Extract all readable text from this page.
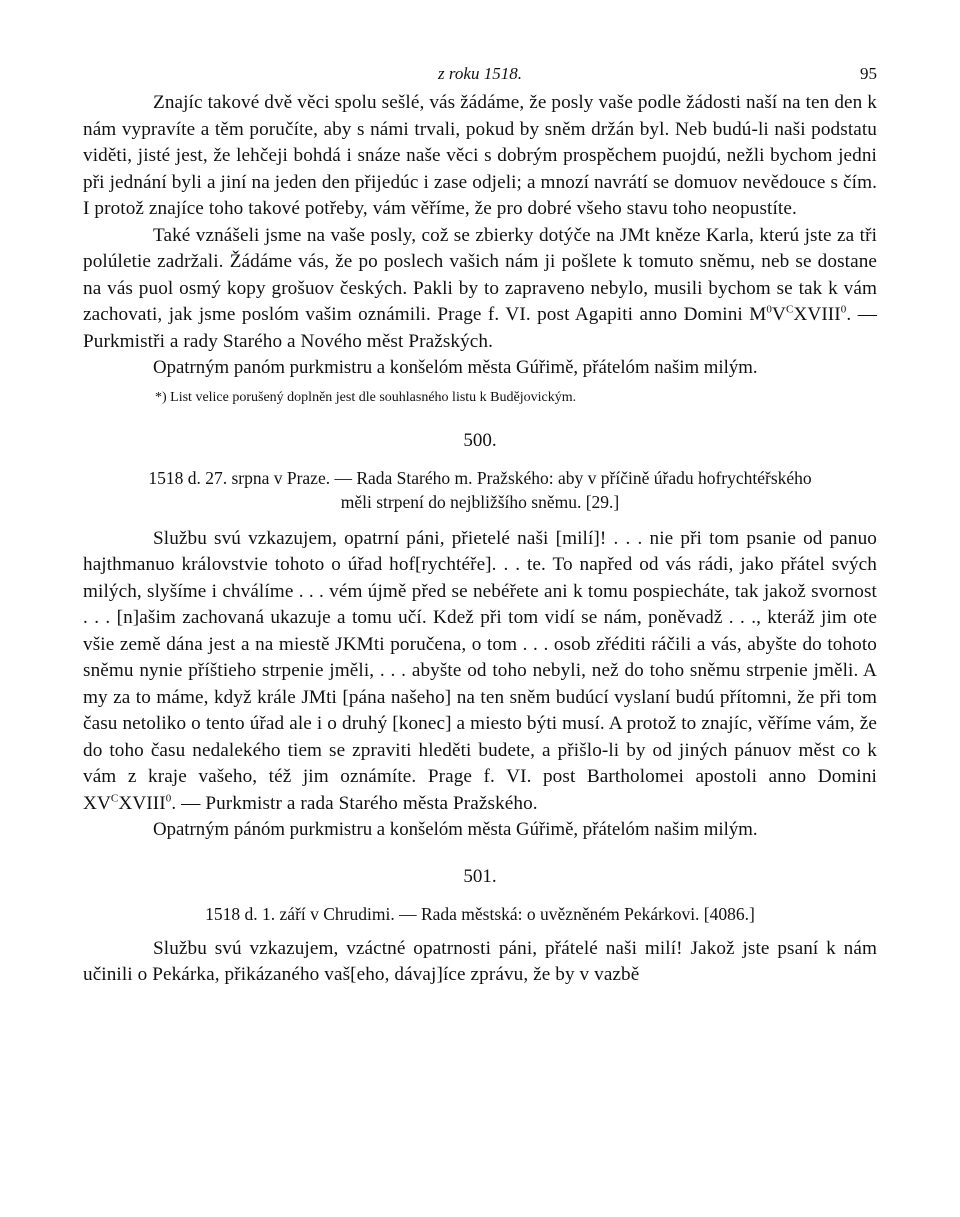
z roku 1518.	95

Znajíc takové dvě věci spolu sešlé, vás žádáme, že posly vaše podle žádosti naší na ten den k nám vypravíte a těm poručíte, aby s námi trvali, pokud by sněm držán byl. Neb budú-li naši podstatu viděti, jisté jest, že lehčeji bohdá i snáze naše věci s dobrým prospěchem puojdú, nežli bychom jedni při jednání byli a jiní na jeden den přijedúc i zase odjeli; a mnozí navrátí se domuov nevědouce s čím. I protož znajíce toho takové potřeby, vám věříme, že pro dobré všeho stavu toho neopustíte.

Také vznášeli jsme na vaše posly, což se zbierky dotýče na JMt kněze Karla, kterú jste za tři polúletie zadržali. Žádáme vás, že po poslech vašich nám ji pošlete k tomuto sněmu, neb se dostane na vás puol osmý kopy grošuov českých. Pakli by to zapraveno nebylo, musili bychom se tak k vám zachovati, jak jsme poslóm vašim oznámili. Prage f. VI. post Agapiti anno Domini $M^0V^CXVIII^0$. — Purkmistři a rady Starého a Nového měst Pražských.

Opatrným panóm purkmistru a konšelóm města Gúřimě, přátelóm našim milým.

*) List velice porušený doplněn jest dle souhlasného listu k Budějovickým.

500.

1518 d. 27. srpna v Praze. — Rada Starého m. Pražského: aby v příčině úřadu hofrychtéřského

měli strpení do nejbližšího sněmu. [29.]

Službu svú vzkazujem, opatrní páni, přietelé naši [milí]! . . . nie při tom psanie od panuo hajthmanuo královstvie tohoto o úřad hof[rychtéře]. . . te. To napřed od vás rádi, jako přátel svých milých, slyšíme i chválíme . . . vém újmě před se nebéřete ani k tomu pospiecháte, tak jakož svornost . . . [n]ašim zachovaná ukazuje a tomu učí. Kdež při tom vidí se nám, poněvadž . . ., kteráž jim ote všie země dána jest a na miestě JKMti poručena, o tom . . . osob zřéditi ráčili a vás, abyšte do tohoto sněmu nynie příštieho strpenie jměli, . . . abyšte od toho nebyli, než do toho sněmu strpenie jměli. A my za to máme, když krále JMti [pána našeho] na ten sněm budúcí vyslaní budú přítomni, že při tom času netoliko o tento úřad ale i o druhý [konec] a miesto býti musí. A protož to znajíc, věříme vám, že do toho času nedalekého tiem se zpraviti hleděti budete, a přišlo-li by od jiných pánuov měst co k vám z kraje vašeho, též jim oznámíte. Prage f. VI. post Bartholomei apostoli anno Domini $XV^CXVIII^0$. — Purkmistr a rada Starého města Pražského.

Opatrným pánóm purkmistru a konšelóm města Gúřimě, přátelóm našim milým.

501.

1518 d. 1. září v Chrudimi. — Rada městská: o uvězněném Pekárkovi. [4086.]

Službu svú vzkazujem, vzáctné opatrnosti páni, přátelé naši milí! Jakož jste psaní k nám učinili o Pekárka, přikázaného vaš[eho, dávaj]íce zprávu, že by v vazbě
